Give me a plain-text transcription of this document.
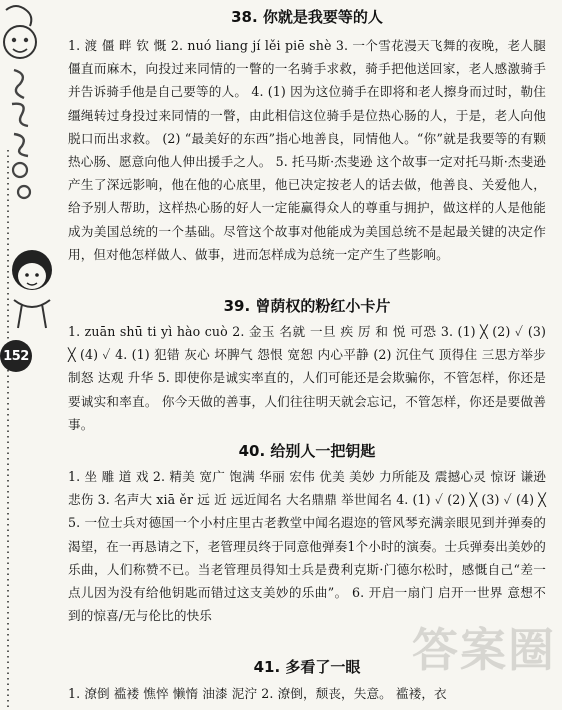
152
38. 你就是我要等的人
1. 渡 僵 畔 钦 慨 2. nuó liang jí lěi piē shè 3. 一个雪花漫天飞舞的夜晚，老人腿僵直而麻木，向投过来同情的一瞥的一名骑手求救，骑手把他送回家，老人感激骑手并告诉骑手他是自己要等的人。 4. (1) 因为这位骑手在即将和老人擦身而过时，勒住缰绳转过身投过来同情的一瞥，由此相信这位骑手是位热心肠的人，于是，老人向他脱口而出求救。 (2) “最美好的东西”指心地善良，同情他人。“你”就是我要等的有颗热心肠、愿意向他人伸出援手之人。 5. 托马斯·杰斐逊 这个故事一定对托马斯·杰斐逊产生了深远影响，他在他的心底里，他已决定按老人的话去做，他善良、关爱他人，给予别人帮助，这样热心肠的好人一定能赢得众人的尊重与拥护，做这样的人是他能成为美国总统的一个基础。尽管这个故事对他能成为美国总统不是起最关键的决定作用，但对他怎样做人、做事，进而怎样成为总统一定产生了些影响。
39. 曾荫权的粉红小卡片
1. zuān shū ti yì hào cuò 2. 金玉 名就 一旦 疾 厉 和 悦 可恐 3. (1) ╳ (2) ✓ (3) ╳ (4) ✓ 4. (1) 犯错 灰心 坏脾气 怨恨 宽恕 内心平静 (2) 沉住气 顶得住 三思方举步 制怒 达观 升华 5. 即使你是诚实率直的，人们可能还是会欺骗你，不管怎样，你还是要诚实和率直。 你今天做的善事，人们往往明天就会忘记，不管怎样，你还是要做善事。
40. 给别人一把钥匙
1. 坐 雕 道 戏 2. 精美 宽广 饱满 华丽 宏伟 优美 美妙 力所能及 震撼心灵 惊讶 谦逊 悲伤 3. 名声大 xiā ěr 远 近 远近闻名 大名鼎鼎 举世闻名 4. (1) ✓ (2) ╳ (3) ✓ (4) ╳ 5. 一位士兵对德国一个小村庄里古老教堂中闻名遐迩的管风琴充满亲眼见到并弹奏的渴望，在一再恳请之下，老管理员终于同意他弹奏1个小时的演奏。士兵弹奏出美妙的乐曲，人们称赞不已。当老管理员得知士兵是费利克斯·门德尔松时，感慨自己“差一点儿因为没有给他钥匙而错过这支美妙的乐曲”。 6. 开启一扇门 启开一世界 意想不到的惊喜/无与伦比的快乐
41. 多看了一眼
1. 潦倒 褴褛 憔悴 懒惰 油漆 泥泞 2. 潦倒，颓丧，失意。 褴褛，衣
答案圈
